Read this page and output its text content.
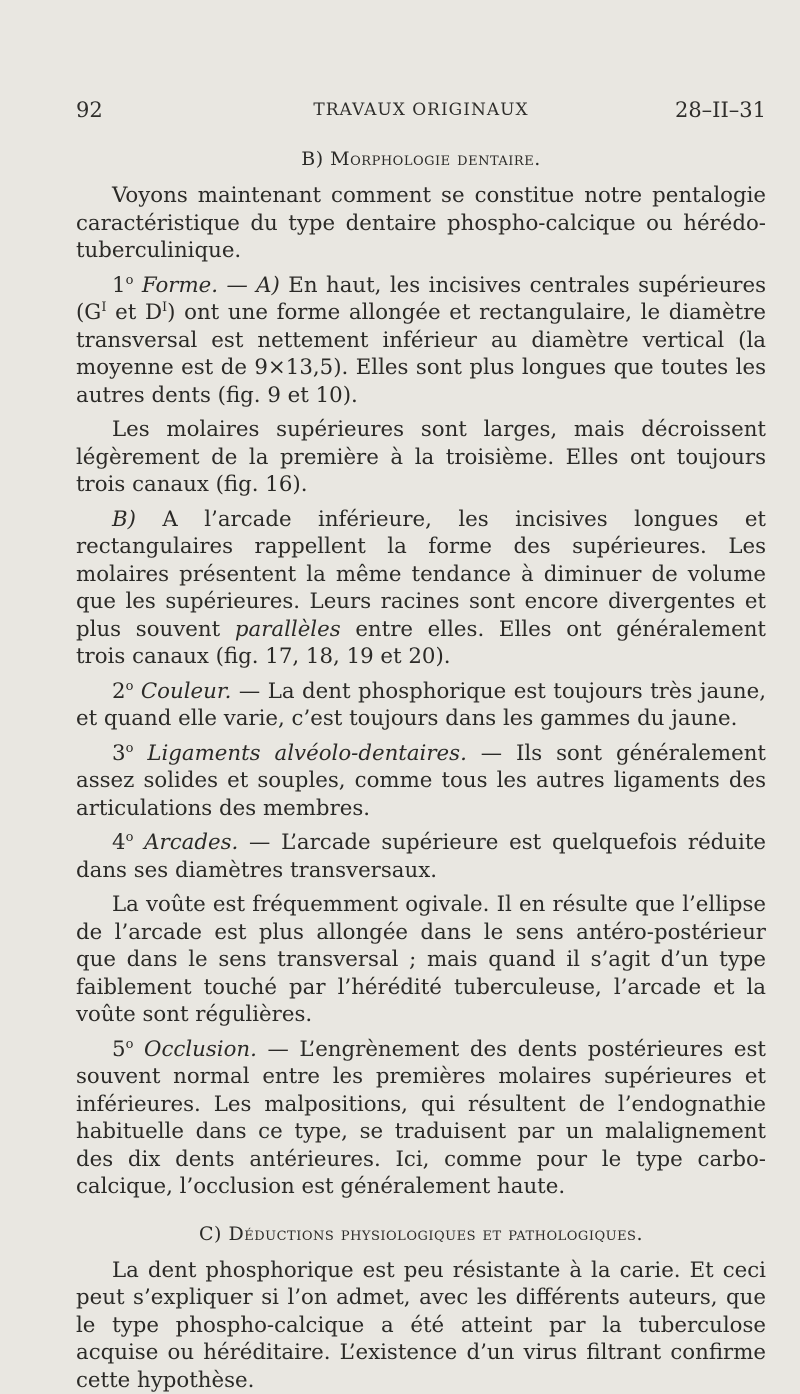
92	TRAVAUX ORIGINAUX	28–II–31
B) Morphologie dentaire.

Voyons maintenant comment se constitue notre pentalogie caractéristique du type dentaire phospho-calcique ou hérédo-tuberculinique.

1$^o$ Forme. — A) En haut, les incisives centrales supérieures ($G^I$ et $D^I$) ont une forme allongée et rectangulaire, le diamètre transversal est nettement inférieur au diamètre vertical (la moyenne est de 9×13,5). Elles sont plus longues que toutes les autres dents (fig. 9 et 10).

Les molaires supérieures sont larges, mais décroissent légèrement de la première à la troisième. Elles ont toujours trois canaux (fig. 16).

B) A l’arcade inférieure, les incisives longues et rectangulaires rappellent la forme des supérieures. Les molaires présentent la même tendance à diminuer de volume que les supérieures. Leurs racines sont encore divergentes et plus souvent parallèles entre elles. Elles ont généralement trois canaux (fig. 17, 18, 19 et 20).

2$^o$ Couleur. — La dent phosphorique est toujours très jaune, et quand elle varie, c’est toujours dans les gammes du jaune.

3$^o$ Ligaments alvéolo-dentaires. — Ils sont généralement assez solides et souples, comme tous les autres ligaments des articulations des membres.

4$^o$ Arcades. — L’arcade supérieure est quelquefois réduite dans ses diamètres transversaux.

La voûte est fréquemment ogivale. Il en résulte que l’ellipse de l’arcade est plus allongée dans le sens antéro-postérieur que dans le sens transversal ; mais quand il s’agit d’un type faiblement touché par l’hérédité tuberculeuse, l’arcade et la voûte sont régulières.

5$^o$ Occlusion. — L’engrènement des dents postérieures est souvent normal entre les premières molaires supérieures et inférieures. Les malpositions, qui résultent de l’endognathie habituelle dans ce type, se traduisent par un malalignement des dix dents antérieures. Ici, comme pour le type carbo-calcique, l’occlusion est généralement haute.

C) Déductions physiologiques et pathologiques.

La dent phosphorique est peu résistante à la carie. Et ceci peut s’expliquer si l’on admet, avec les différents auteurs, que le type phospho-calcique a été atteint par la tuberculose acquise ou héréditaire. L’existence d’un virus filtrant confirme cette hypothèse.
